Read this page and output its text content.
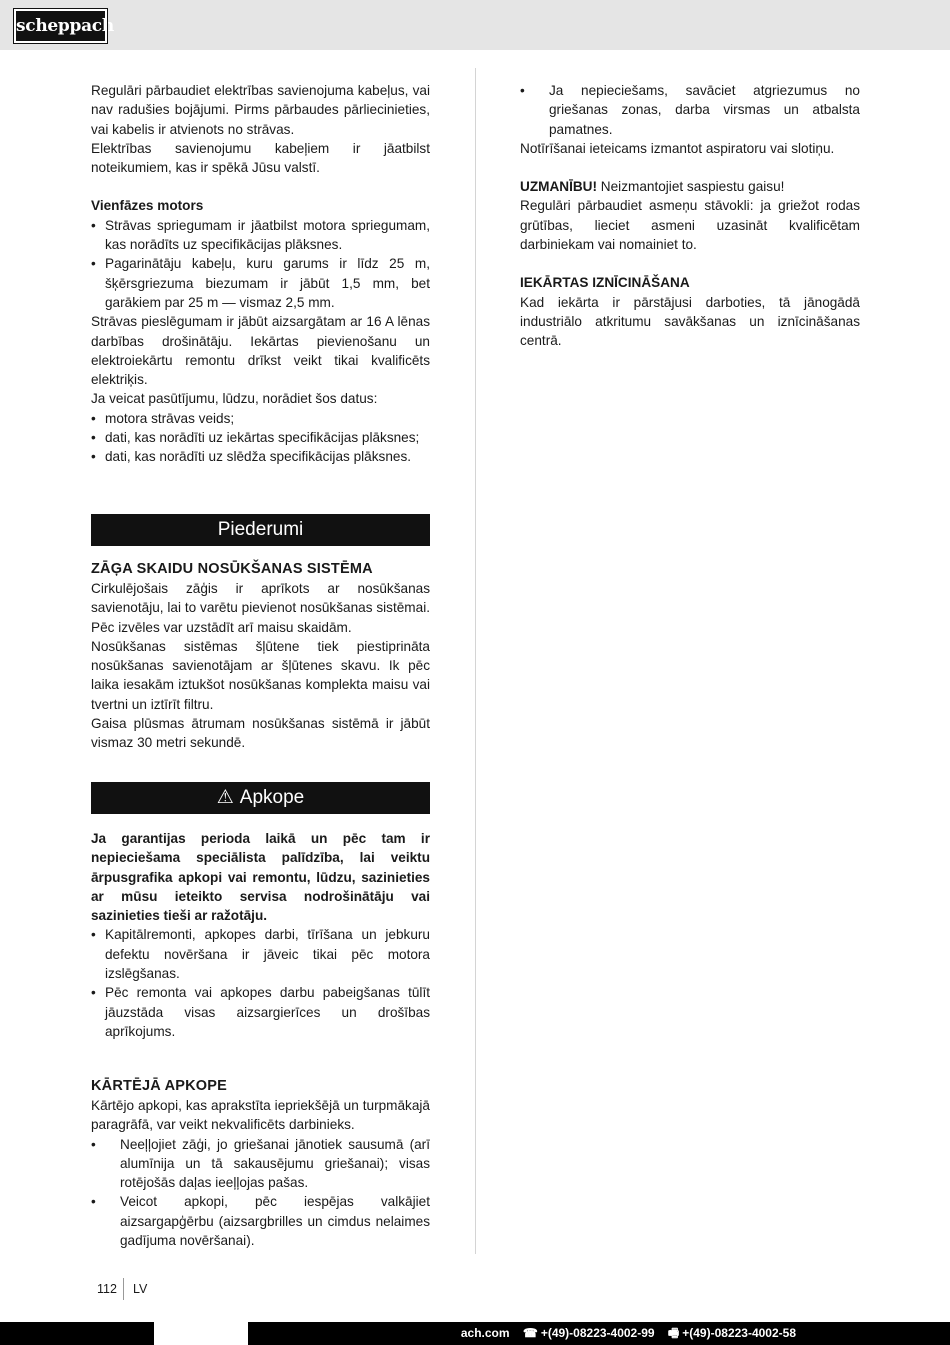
scheppach
Regulāri pārbaudiet elektrības savienojuma kabeļus, vai nav radušies bojājumi. Pirms pārbaudes pārliecinieties, vai kabelis ir atvienots no strāvas.
Elektrības savienojumu kabeļiem ir jāatbilst noteikumiem, kas ir spēkā Jūsu valstī.
Vienfāzes motors
• Strāvas spriegumam ir jāatbilst motora spriegumam, kas norādīts uz specifikācijas plāksnes.
• Pagarinātāju kabeļu, kuru garums ir līdz 25 m, šķērsgriezuma biezumam ir jābūt 1,5 mm, bet garākiem par 25 m — vismaz 2,5 mm.
Strāvas pieslēgumam ir jābūt aizsargātam ar 16 A lēnas darbības drošinātāju. Iekārtas pievienošanu un elektroiekārtu remontu drīkst veikt tikai kvalificēts elektriķis.
Ja veicat pasūtījumu, lūdzu, norādiet šos datus:
• motora strāvas veids;
• dati, kas norādīti uz iekārtas specifikācijas plāksnes;
• dati, kas norādīti uz slēdža specifikācijas plāksnes.
Piederumi
ZĀĢA SKAIDU NOSŪKŠANAS SISTĒMA
Cirkulējošais zāģis ir aprīkots ar nosūkšanas savienotāju, lai to varētu pievienot nosūkšanas sistēmai. Pēc izvēles var uzstādīt arī maisu skaidām.
Nosūkšanas sistēmas šļūtene tiek piestiprināta nosūkšanas savienotājam ar šļūtenes skavu. Ik pēc laika iesakām iztukšot nosūkšanas komplekta maisu vai tvertni un iztīrīt filtru.
Gaisa plūsmas ātrumam nosūkšanas sistēmā ir jābūt vismaz 30 metri sekundē.
⚠ Apkope
Ja garantijas perioda laikā un pēc tam ir nepieciešama speciālista palīdzība, lai veiktu ārpusgrafika apkopi vai remontu, lūdzu, sazinieties ar mūsu ieteikto servisa nodrošinātāju vai sazinieties tieši ar ražotāju.
• Kapitālremonti, apkopes darbi, tīrīšana un jebkuru defektu novēršana ir jāveic tikai pēc motora izslēgšanas.
• Pēc remonta vai apkopes darbu pabeigšanas tūlīt jāuzstāda visas aizsargierīces un drošības aprīkojums.
KĀRTĒJĀ APKOPE
Kārtējo apkopi, kas aprakstīta iepriekšējā un turpmākajā paragrāfā, var veikt nekvalificēts darbinieks.
• Neeļļojiet zāģi, jo griešanai jānotiek sausumā (arī alumīnija un tā sakausējumu griešanai); visas rotējošās daļas ieeļļojas pašas.
• Veicot apkopi, pēc iespējas valkājiet aizsargapģērbu (aizsargbrilles un cimdus nelaimes gadījuma novēršanai).
• Ja nepieciešams, savāciet atgriezumus no griešanas zonas, darba virsmas un atbalsta pamatnes.
Notīrīšanai ieteicams izmantot aspiratoru vai slotiņu.
UZMANĪBU! Neizmantojiet saspiestu gaisu!
Regulāri pārbaudiet asmeņu stāvokli: ja griežot rodas grūtības, lieciet asmeni uzasināt kvalificētam darbiniekam vai nomainiet to.
IEKĀRTAS IZNĪCINĀŠANA
Kad iekārta ir pārstājusi darboties, tā jānogādā industriālo atkritumu savākšanas un iznīcināšanas centrā.
112 LV
ach.com ☎ +(49)-08223-4002-99 🖷 +(49)-08223-4002-58
